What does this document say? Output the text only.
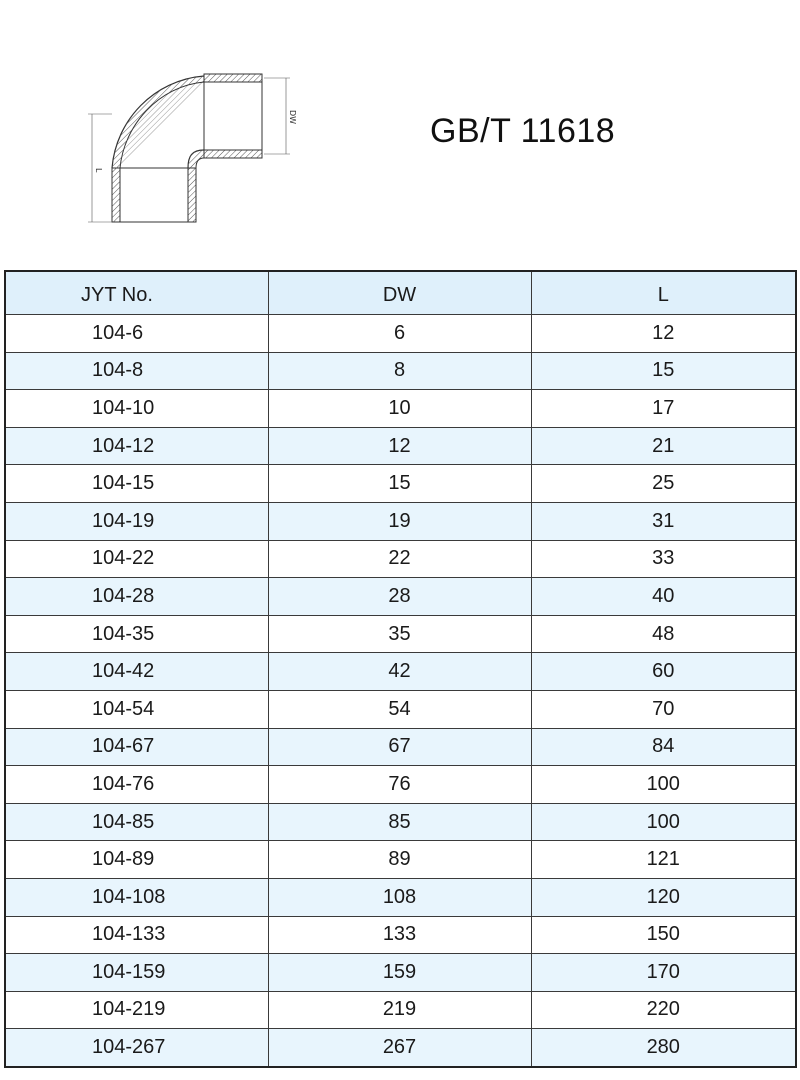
DW
L
GB/T 11618
JYT No.	DW	L
104-6	6	12
104-8	8	15
104-10	10	17
104-12	12	21
104-15	15	25
104-19	19	31
104-22	22	33
104-28	28	40
104-35	35	48
104-42	42	60
104-54	54	70
104-67	67	84
104-76	76	100
104-85	85	100
104-89	89	121
104-108	108	120
104-133	133	150
104-159	159	170
104-219	219	220
104-267	267	280
